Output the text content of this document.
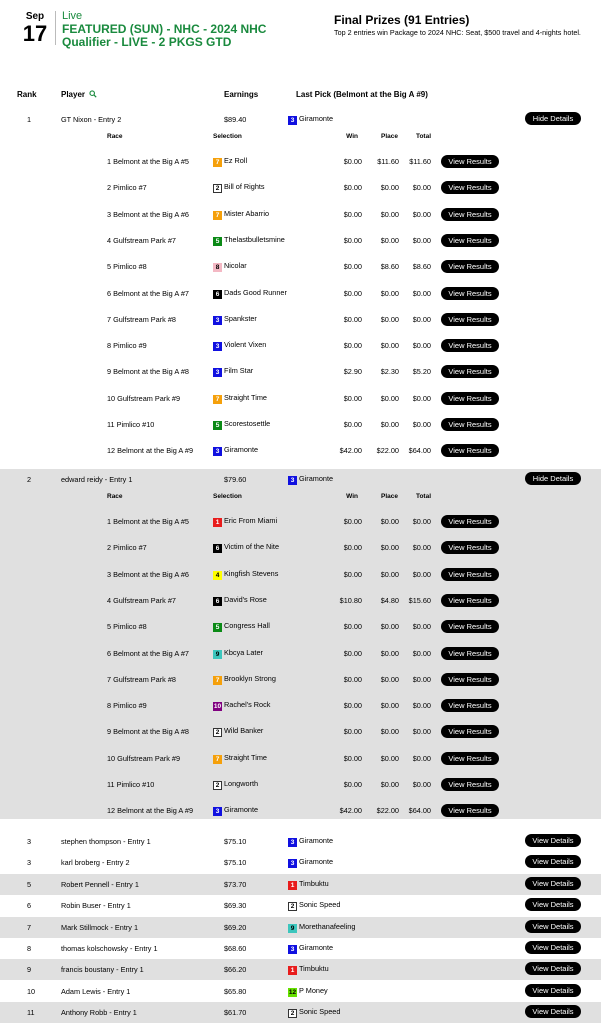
Sep
17
Live
FEATURED (SUN) - NHC - 2024 NHC Qualifier - LIVE - 2 PKGS GTD
Final Prizes (91 Entries)
Top 2 entries win Package to 2024 NHC: Seat, $500 travel and 4-nights hotel.
Rank	Player	Earnings	Last Pick (Belmont at the Big A #9)
1	GT Nixon - Entry 2	$89.40	3 Giramonte	Hide Details
Race	Selection	Win	Place	Total
1 Belmont at the Big A #5	7 Ez Roll	$0.00	$11.60	$11.60	View Results
2 Pimlico #7	2 Bill of Rights	$0.00	$0.00	$0.00	View Results
3 Belmont at the Big A #6	7 Mister Abarrio	$0.00	$0.00	$0.00	View Results
4 Gulfstream Park #7	5 Thelastbulletsmine	$0.00	$0.00	$0.00	View Results
5 Pimlico #8	8 Nicolar	$0.00	$8.60	$8.60	View Results
6 Belmont at the Big A #7	6 Dads Good Runner	$0.00	$0.00	$0.00	View Results
7 Gulfstream Park #8	3 Spankster	$0.00	$0.00	$0.00	View Results
8 Pimlico #9	3 Violent Vixen	$0.00	$0.00	$0.00	View Results
9 Belmont at the Big A #8	3 Film Star	$2.90	$2.30	$5.20	View Results
10 Gulfstream Park #9	7 Straight Time	$0.00	$0.00	$0.00	View Results
11 Pimlico #10	5 Scorestosettle	$0.00	$0.00	$0.00	View Results
12 Belmont at the Big A #9	3 Giramonte	$42.00	$22.00	$64.00	View Results
2	edward reidy - Entry 1	$79.60	3 Giramonte	Hide Details
Race	Selection	Win	Place	Total
1 Belmont at the Big A #5	1 Eric From Miami	$0.00	$0.00	$0.00	View Results
2 Pimlico #7	6 Victim of the Nite	$0.00	$0.00	$0.00	View Results
3 Belmont at the Big A #6	4 Kingfish Stevens	$0.00	$0.00	$0.00	View Results
4 Gulfstream Park #7	6 David's Rose	$10.80	$4.80	$15.60	View Results
5 Pimlico #8	5 Congress Hall	$0.00	$0.00	$0.00	View Results
6 Belmont at the Big A #7	9 Kbcya Later	$0.00	$0.00	$0.00	View Results
7 Gulfstream Park #8	7 Brooklyn Strong	$0.00	$0.00	$0.00	View Results
8 Pimlico #9	10 Rachel's Rock	$0.00	$0.00	$0.00	View Results
9 Belmont at the Big A #8	2 Wild Banker	$0.00	$0.00	$0.00	View Results
10 Gulfstream Park #9	7 Straight Time	$0.00	$0.00	$0.00	View Results
11 Pimlico #10	2 Longworth	$0.00	$0.00	$0.00	View Results
12 Belmont at the Big A #9	3 Giramonte	$42.00	$22.00	$64.00	View Results
3	stephen thompson - Entry 1	$75.10	3 Giramonte	View Details
3	karl broberg - Entry 2	$75.10	3 Giramonte	View Details
5	Robert Pennell - Entry 1	$73.70	1 Timbuktu	View Details
6	Robin Buser - Entry 1	$69.30	2 Sonic Speed	View Details
7	Mark Stillmock - Entry 1	$69.20	9 Morethanafeeling	View Details
8	thomas kolschowsky - Entry 1	$68.60	3 Giramonte	View Details
9	francis boustany - Entry 1	$66.20	1 Timbuktu	View Details
10	Adam Lewis - Entry 1	$65.80	12 P Money	View Details
11	Anthony Robb - Entry 1	$61.70	2 Sonic Speed	View Details
